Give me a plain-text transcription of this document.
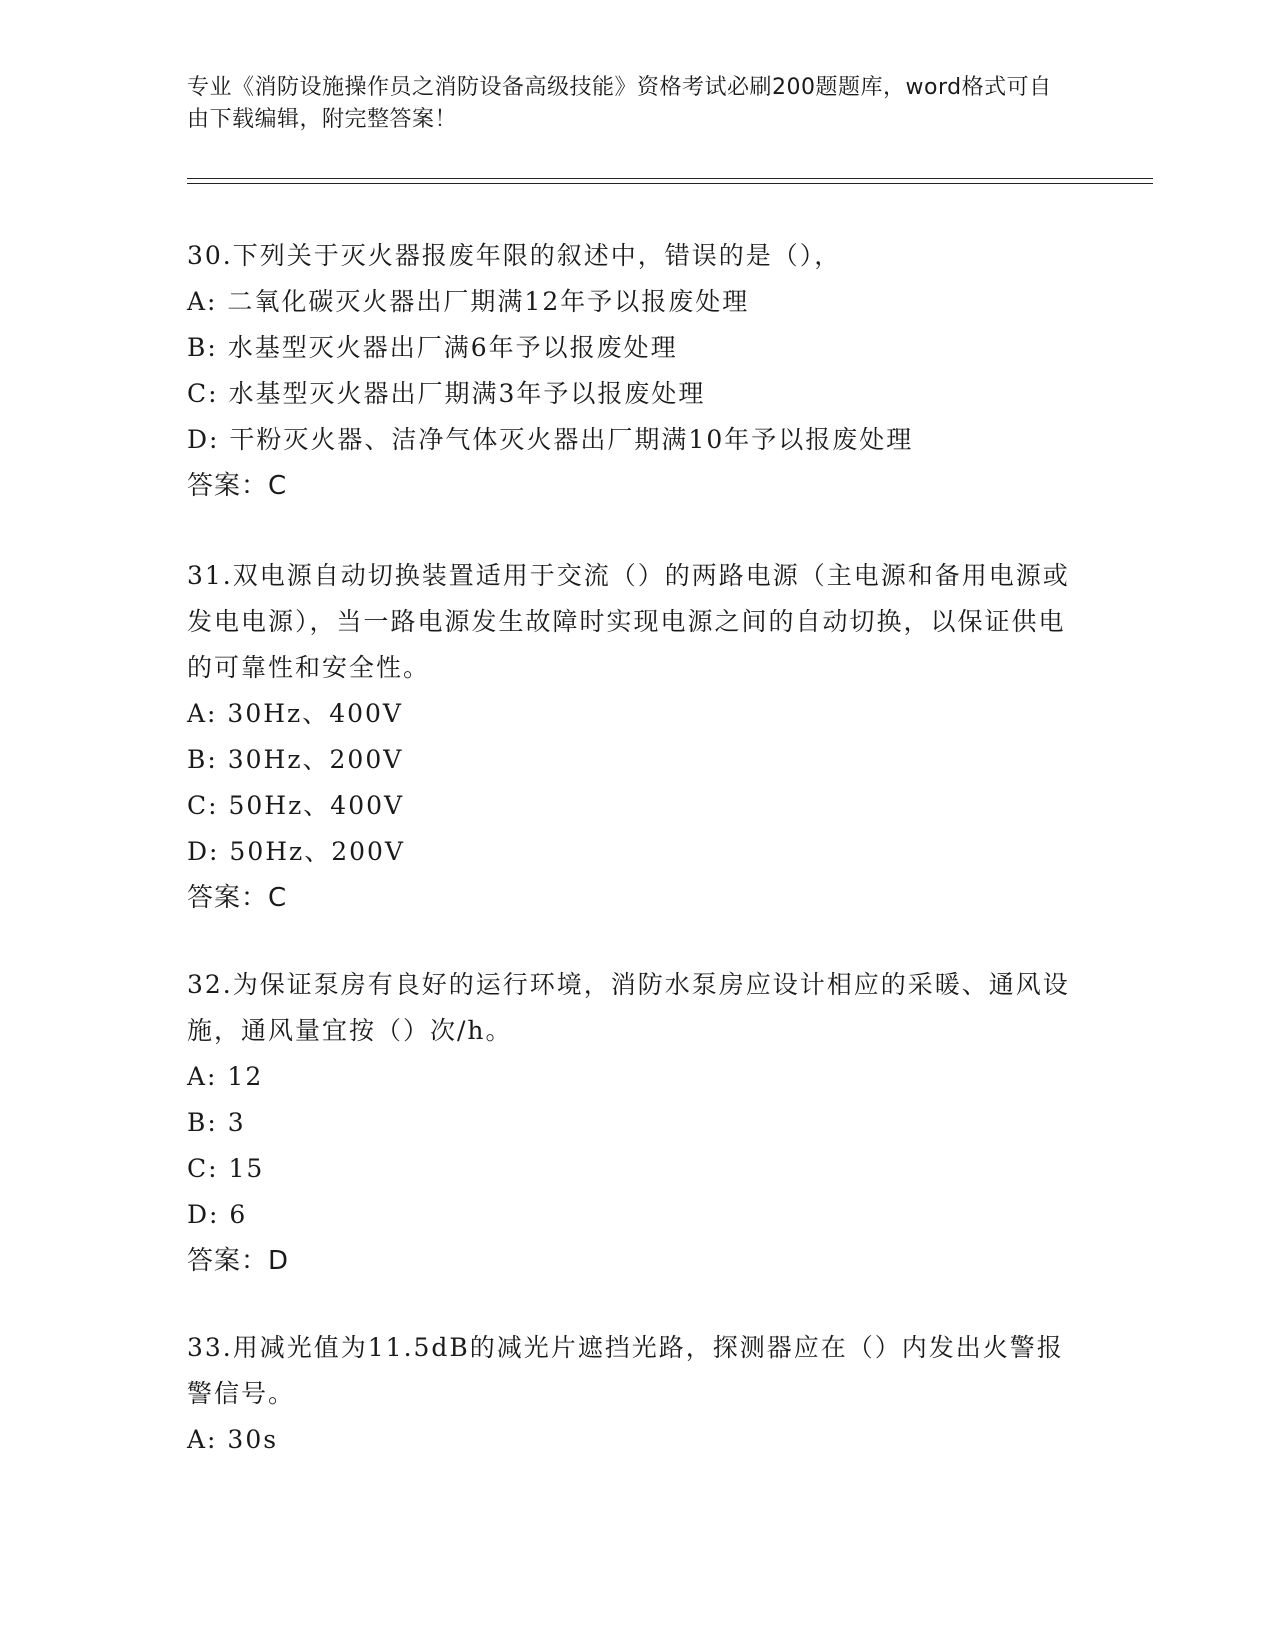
专业《消防设施操作员之消防设备高级技能》资格考试必刷200题题库，word格式可自由下载编辑，附完整答案！

30.下列关于灭火器报废年限的叙述中，错误的是（），

A: 二氧化碳灭火器出厂期满12年予以报废处理
B: 水基型灭火器出厂满6年予以报废处理
C: 水基型灭火器出厂期满3年予以报废处理
D: 干粉灭火器、洁净气体灭火器出厂期满10年予以报废处理
答案：C

31.双电源自动切换装置适用于交流（）的两路电源（主电源和备用电源或发电电源），当一路电源发生故障时实现电源之间的自动切换，以保证供电的可靠性和安全性。

A: 30Hz、400V
B: 30Hz、200V
C: 50Hz、400V
D: 50Hz、200V
答案：C

32.为保证泵房有良好的运行环境，消防水泵房应设计相应的采暖、通风设施，通风量宜按（）次/h。

A: 12
B: 3
C: 15
D: 6
答案：D

33.用减光值为11.5dB的减光片遮挡光路，探测器应在（）内发出火警报警信号。

A: 30s
